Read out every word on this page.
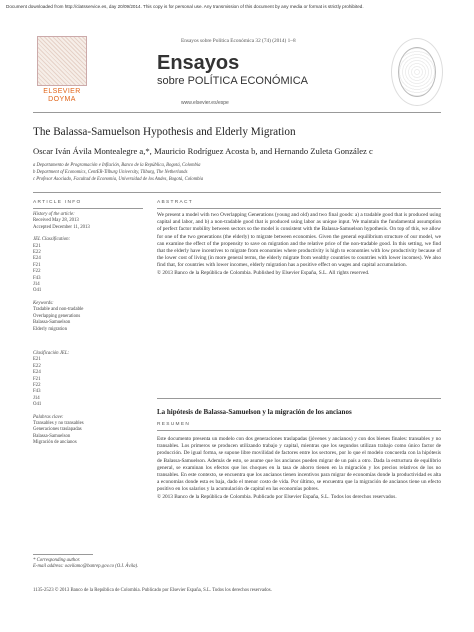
Document downloaded from http://clatsservice.es, day 20/09/2014. This copy is for personal use. Any transmission of this document by any media or format is strictly prohibited.
ELSEVIER DOYMA
Ensayos sobre Política Económica 32 (74) (2014) 1–8
Ensayos
sobre POLÍTICA ECONÓMICA
www.elsevier.es/espe
The Balassa-Samuelson Hypothesis and Elderly Migration
Oscar Iván Ávila Montealegre a,*, Mauricio Rodríguez Acosta b, and Hernando Zuleta González c
a Departamento de Programación e Inflación, Banco de la República, Bogotá, Colombia
b Department of Economics, CentER-Tilburg University, Tilburg, The Netherlands
c Profesor Asociado, Facultad de Economía, Universidad de los Andes, Bogotá, Colombia
ARTICLE INFO
History of the article:
Received May 28, 2013
Accepted December 11, 2013
JEL Classification:
E21
E22
E24
F21
F22
F43
J14
O41
Keywords:
Tradable and non-tradable
Overlapping generations
Balassa-Samuelson
Elderly migration
Clasificación JEL:
E21
E22
E24
F21
F22
F43
J14
O41
Palabras clave:
Transables y no transables
Generaciones traslapadas
Balassa-Samuelson
Migración de ancianos
ABSTRACT

We present a model with two Overlapping Generations (young and old) and two final goods: a) a tradable good that is produced using capital and labor, and b) a non-tradable good that is produced using labor as unique input. We maintain the fundamental assumption of perfect factor mobility between sectors so the model is consistent with the Balassa-Samuelson hypothesis. On top of this, we allow for one of the two generations (the elderly) to migrate between economies. Given the general equilibrium structure of our model, we can examine the effect of the propensity to save on migration and the relative price of the non-tradable good. In this setting, we find that the elderly have incentives to migrate from economies where productivity is high to economies with low productivity because of the lower cost of living (in more general terms, the elderly migrate from wealthy countries to countries with lower incomes). We also find that, for countries with lower incomes, elderly migration has a positive effect on wages and capital accumulation.

© 2013 Banco de la República de Colombia. Published by Elsevier España, S.L. All rights reserved.

La hipótesis de Balassa-Samuelson y la migración de los ancianos
RESUMEN

Este documento presenta un modelo con dos generaciones traslapadas (jóvenes y ancianos) y con dos bienes finales: transables y no transables. Los primeros se producen utilizando trabajo y capital, mientras que los segundos utilizan trabajo como único factor de producción. De igual forma, se supone libre movilidad de factores entre los sectores, por lo que el modelo concuerda con la hipótesis de Balassa-Samuelson. Además de esto, se asume que los ancianos pueden migrar de un país a otro. Dada la estructura de equilibrio general, se examinan los efectos que los choques en la tasa de ahorro tienen en la migración y los precios relativos de los no transables. En este contexto, se encuentra que los ancianos tienen incentivos para migrar de economías donde la productividad es alta a economías donde esta es baja, dado el menor costo de vida. Por último, se encuentra que la migración de ancianos tiene un efecto positivo en los salarios y la acumulación de capital en las economías pobres.

© 2013 Banco de la República de Colombia. Publicado por Elsevier España, S.L. Todos los derechos reservados.

* Corresponding author.
E-mail address: oavilamo@banrep.gov.co (O.I. Ávila).
1135-2523 © 2013 Banco de la República de Colombia. Publicado por Elsevier España, S.L. Todos los derechos reservados.
